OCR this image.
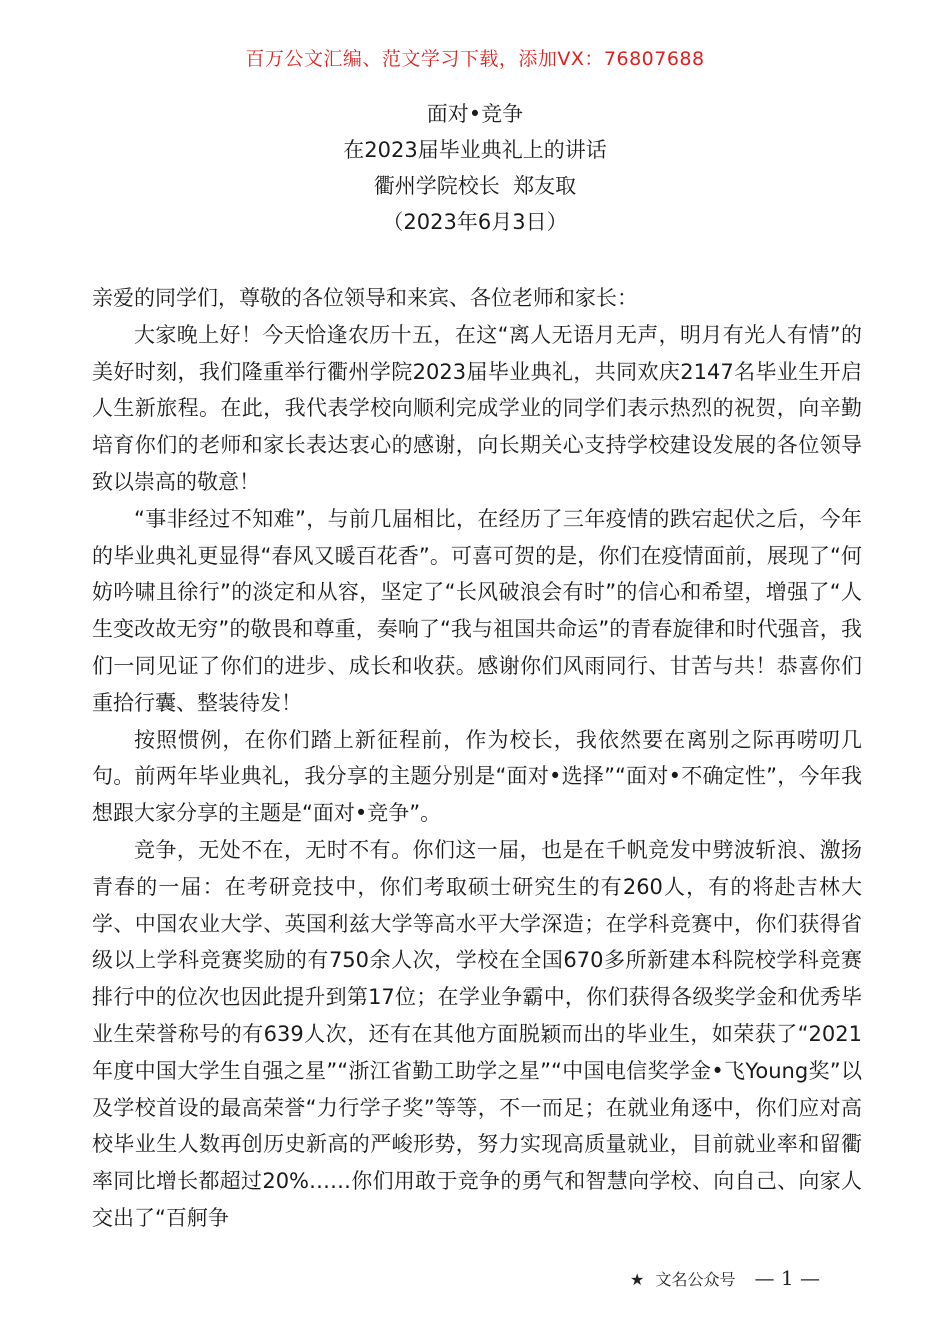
百万公文汇编、范文学习下载，添加VX：76807688
面对•竞争
在2023届毕业典礼上的讲话
衢州学院校长  郑友取
（2023年6月3日）

亲爱的同学们，尊敬的各位领导和来宾、各位老师和家长：

大家晚上好！今天恰逢农历十五，在这“离人无语月无声，明月有光人有情”的美好时刻，我们隆重举行衢州学院2023届毕业典礼，共同欢庆2147名毕业生开启人生新旅程。在此，我代表学校向顺利完成学业的同学们表示热烈的祝贺，向辛勤培育你们的老师和家长表达衷心的感谢，向长期关心支持学校建设发展的各位领导致以崇高的敬意！

“事非经过不知难”，与前几届相比，在经历了三年疫情的跌宕起伏之后，今年的毕业典礼更显得“春风又暖百花香”。可喜可贺的是，你们在疫情面前，展现了“何妨吟啸且徐行”的淡定和从容，坚定了“长风破浪会有时”的信心和希望，增强了“人生变改故无穷”的敬畏和尊重，奏响了“我与祖国共命运”的青春旋律和时代强音，我们一同见证了你们的进步、成长和收获。感谢你们风雨同行、甘苦与共！恭喜你们重拾行囊、整装待发！

按照惯例，在你们踏上新征程前，作为校长，我依然要在离别之际再唠叨几句。前两年毕业典礼，我分享的主题分别是“面对•选择”“面对•不确定性”，今年我想跟大家分享的主题是“面对•竞争”。

竞争，无处不在，无时不有。你们这一届，也是在千帆竞发中劈波斩浪、激扬青春的一届：在考研竞技中，你们考取硕士研究生的有260人，有的将赴吉林大学、中国农业大学、英国利兹大学等高水平大学深造；在学科竞赛中，你们获得省级以上学科竞赛奖励的有750余人次，学校在全国670多所新建本科院校学科竞赛排行中的位次也因此提升到第17位；在学业争霸中，你们获得各级奖学金和优秀毕业生荣誉称号的有639人次，还有在其他方面脱颖而出的毕业生，如荣获了“2021年度中国大学生自强之星”“浙江省勤工助学之星”“中国电信奖学金•飞Young奖”以及学校首设的最高荣誉“力行学子奖”等等，不一而足；在就业角逐中，你们应对高校毕业生人数再创历史新高的严峻形势，努力实现高质量就业，目前就业率和留衢率同比增长都超过20%……你们用敢于竞争的勇气和智慧向学校、向自己、向家人交出了“百舸争

★ 文名公众号 — 1 —
